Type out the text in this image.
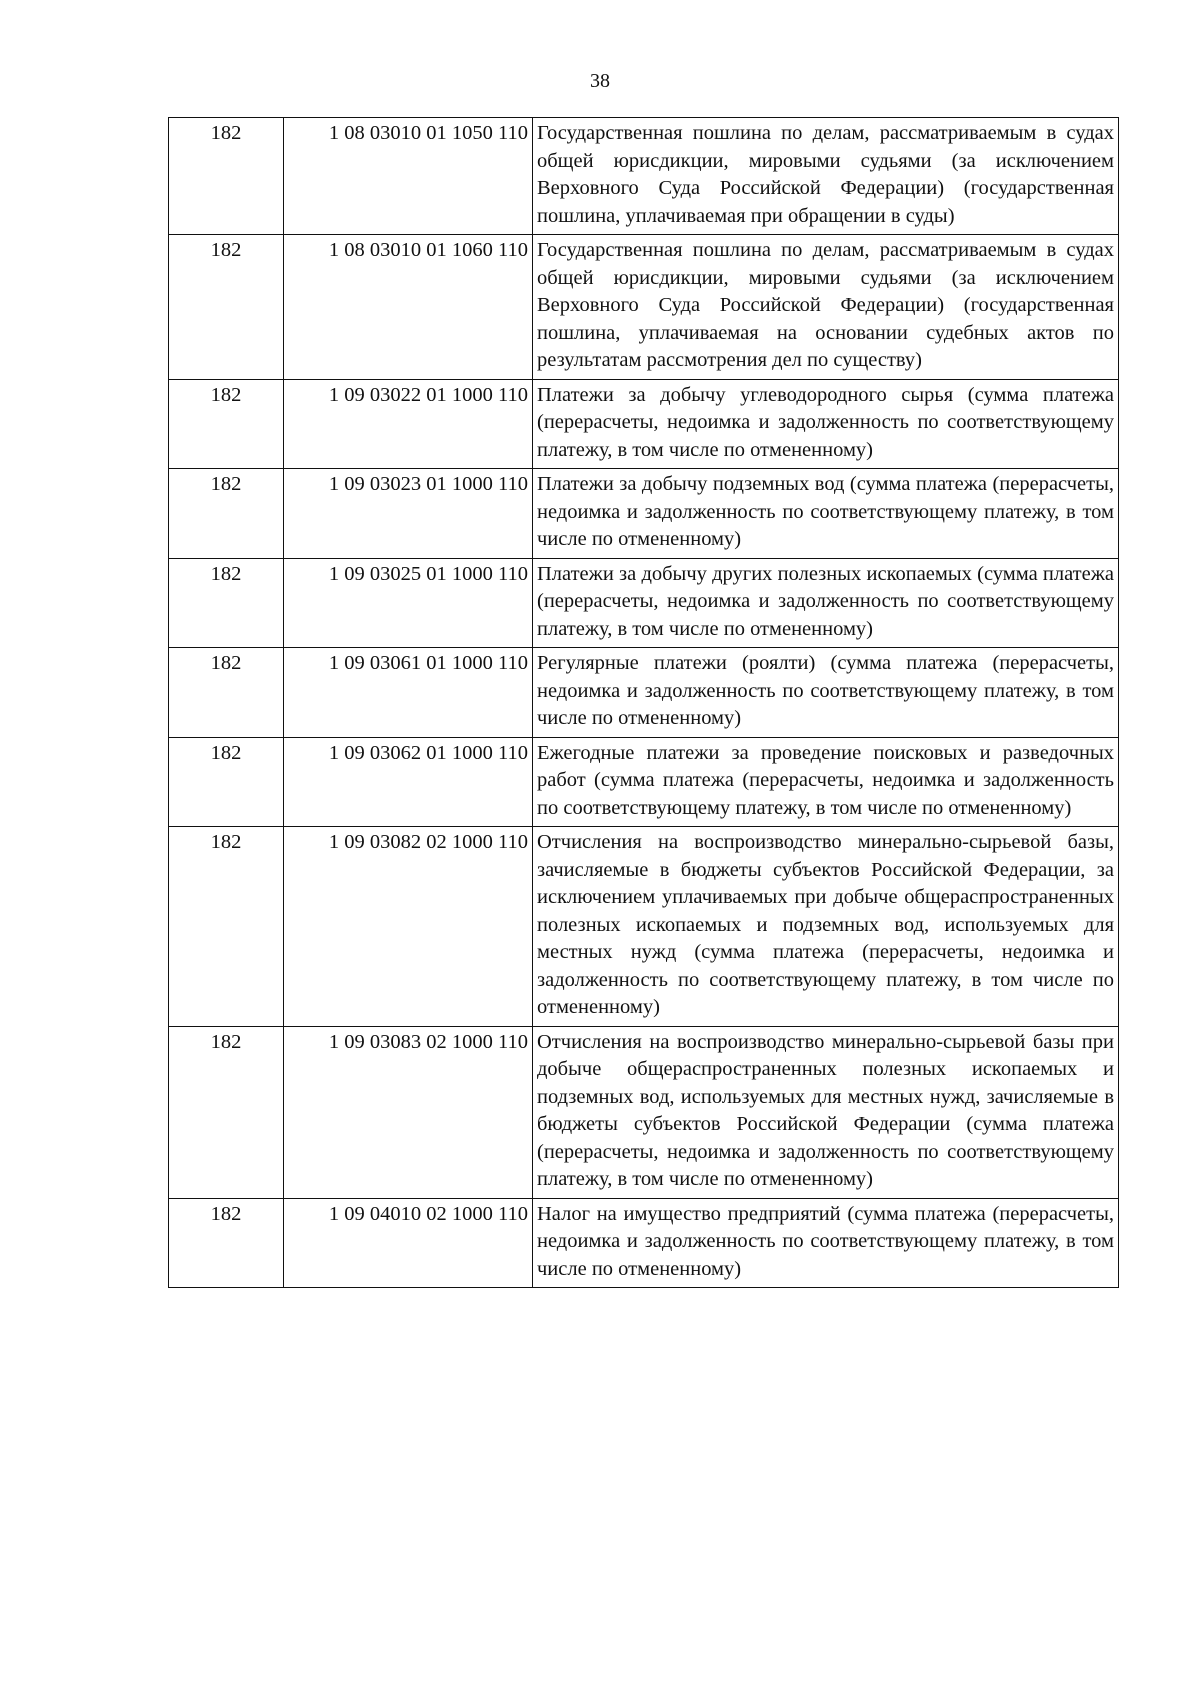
38
182	1 08 03010 01 1050 110	Государственная пошлина по делам, рассматриваемым в судах общей юрисдикции, мировыми судьями (за исключением Верховного Суда Российской Федерации) (государственная пошлина, уплачиваемая при обращении в суды)
182	1 08 03010 01 1060 110	Государственная пошлина по делам, рассматриваемым в судах общей юрисдикции, мировыми судьями (за исключением Верховного Суда Российской Федерации) (государственная пошлина, уплачиваемая на основании судебных актов по результатам рассмотрения дел по существу)
182	1 09 03022 01 1000 110	Платежи за добычу углеводородного сырья (сумма платежа (перерасчеты, недоимка и задолженность по соответствующему платежу, в том числе по отмененному)
182	1 09 03023 01 1000 110	Платежи за добычу подземных вод (сумма платежа (перерасчеты, недоимка и задолженность по соответствующему платежу, в том числе по отмененному)
182	1 09 03025 01 1000 110	Платежи за добычу других полезных ископаемых (сумма платежа (перерасчеты, недоимка и задолженность по соответствующему платежу, в том числе по отмененному)
182	1 09 03061 01 1000 110	Регулярные платежи (роялти) (сумма платежа (перерасчеты, недоимка и задолженность по соответствующему платежу, в том числе по отмененному)
182	1 09 03062 01 1000 110	Ежегодные платежи за проведение поисковых и разведочных работ (сумма платежа (перерасчеты, недоимка и задолженность по соответствующему платежу, в том числе по отмененному)
182	1 09 03082 02 1000 110	Отчисления на воспроизводство минерально-сырьевой базы, зачисляемые в бюджеты субъектов Российской Федерации, за исключением уплачиваемых при добыче общераспространенных полезных ископаемых и подземных вод, используемых для местных нужд (сумма платежа (перерасчеты, недоимка и задолженность по соответствующему платежу, в том числе по отмененному)
182	1 09 03083 02 1000 110	Отчисления на воспроизводство минерально-сырьевой базы при добыче общераспространенных полезных ископаемых и подземных вод, используемых для местных нужд, зачисляемые в бюджеты субъектов Российской Федерации (сумма платежа (перерасчеты, недоимка и задолженность по соответствующему платежу, в том числе по отмененному)
182	1 09 04010 02 1000 110	Налог на имущество предприятий (сумма платежа (перерасчеты, недоимка и задолженность по соответствующему платежу, в том числе по отмененному)
